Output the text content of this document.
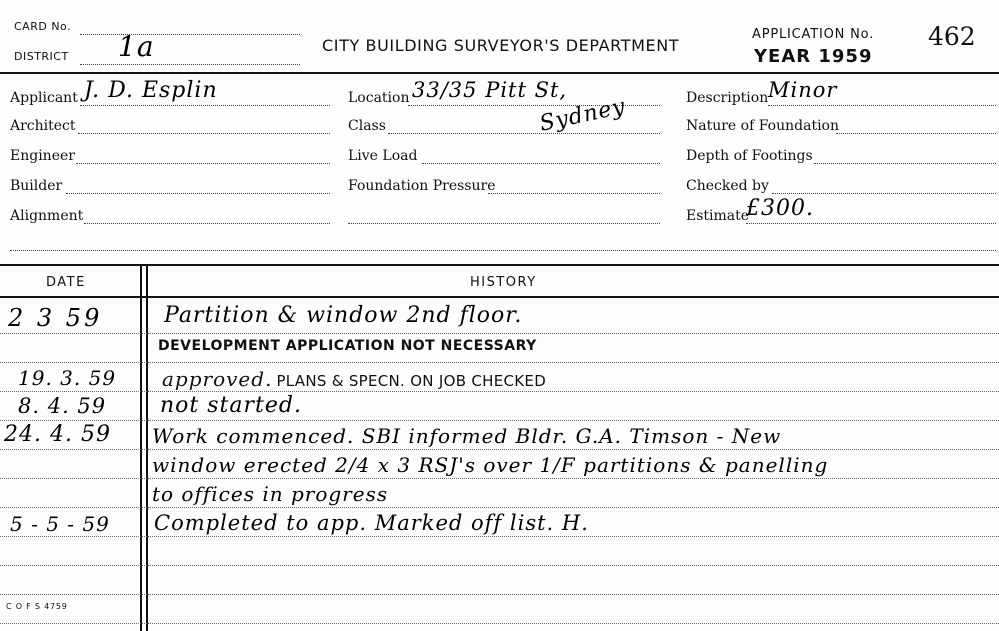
CARD No.
DISTRICT 1a	CITY BUILDING SURVEYOR'S DEPARTMENT
APPLICATION No.
YEAR 1959
462
Applicant J. D. Esplin
Architect
Engineer
Builder
Alignment
Location 33/35 Pitt St,
Class	Sydney
Live Load
Foundation Pressure
Description Minor
Nature of Foundation
Depth of Footings
Checked by
Estimate
£300.
DATE	HISTORY
2 3 59	Partition & window 2nd floor.
DEVELOPMENT APPLICATION NOT NECESSARY
19. 3. 59 approved. PLANS & SPECN. ON JOB CHECKED
8. 4. 59 not started.
24. 4. 59 Work commenced. SBI informed Bldr. G.A. Timson - New
window erected 2/4 x 3 RSJ's over 1/F partitions & panelling
to offices in progress
5 - 5 - 59 Completed to app. Marked off list. H.
C O F S 4759
